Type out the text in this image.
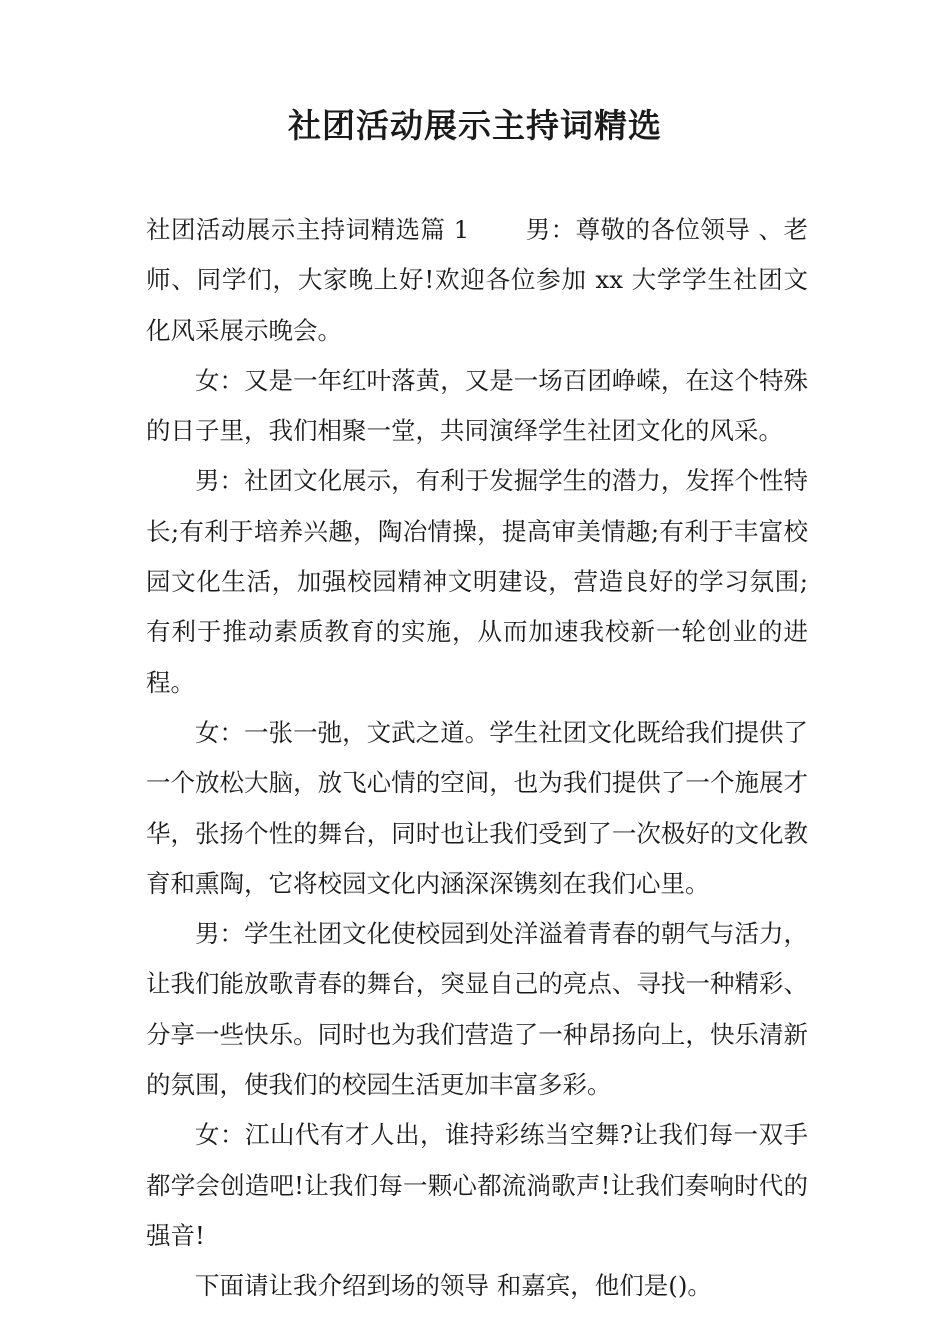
社团活动展示主持词精选

社团活动展示主持词精选篇 1 男：尊敬的各位领导 、老师、同学们，大家晚上好!欢迎各位参加 xx 大学学生社团文化风采展示晚会。

女：又是一年红叶落黄，又是一场百团峥嵘，在这个特殊的日子里，我们相聚一堂，共同演绎学生社团文化的风采。

男：社团文化展示，有利于发掘学生的潜力，发挥个性特长;有利于培养兴趣，陶冶情操，提高审美情趣;有利于丰富校园文化生活，加强校园精神文明建设，营造良好的学习氛围;有利于推动素质教育的实施，从而加速我校新一轮创业的进程。

女：一张一弛，文武之道。学生社团文化既给我们提供了一个放松大脑，放飞心情的空间，也为我们提供了一个施展才华，张扬个性的舞台，同时也让我们受到了一次极好的文化教育和熏陶，它将校园文化内涵深深镌刻在我们心里。

男：学生社团文化使校园到处洋溢着青春的朝气与活力，让我们能放歌青春的舞台，突显自己的亮点、寻找一种精彩、分享一些快乐。同时也为我们营造了一种昂扬向上，快乐清新的氛围，使我们的校园生活更加丰富多彩。

女：江山代有才人出，谁持彩练当空舞?让我们每一双手都学会创造吧!让我们每一颗心都流淌歌声!让我们奏响时代的强音!

下面请让我介绍到场的领导 和嘉宾，他们是()。
